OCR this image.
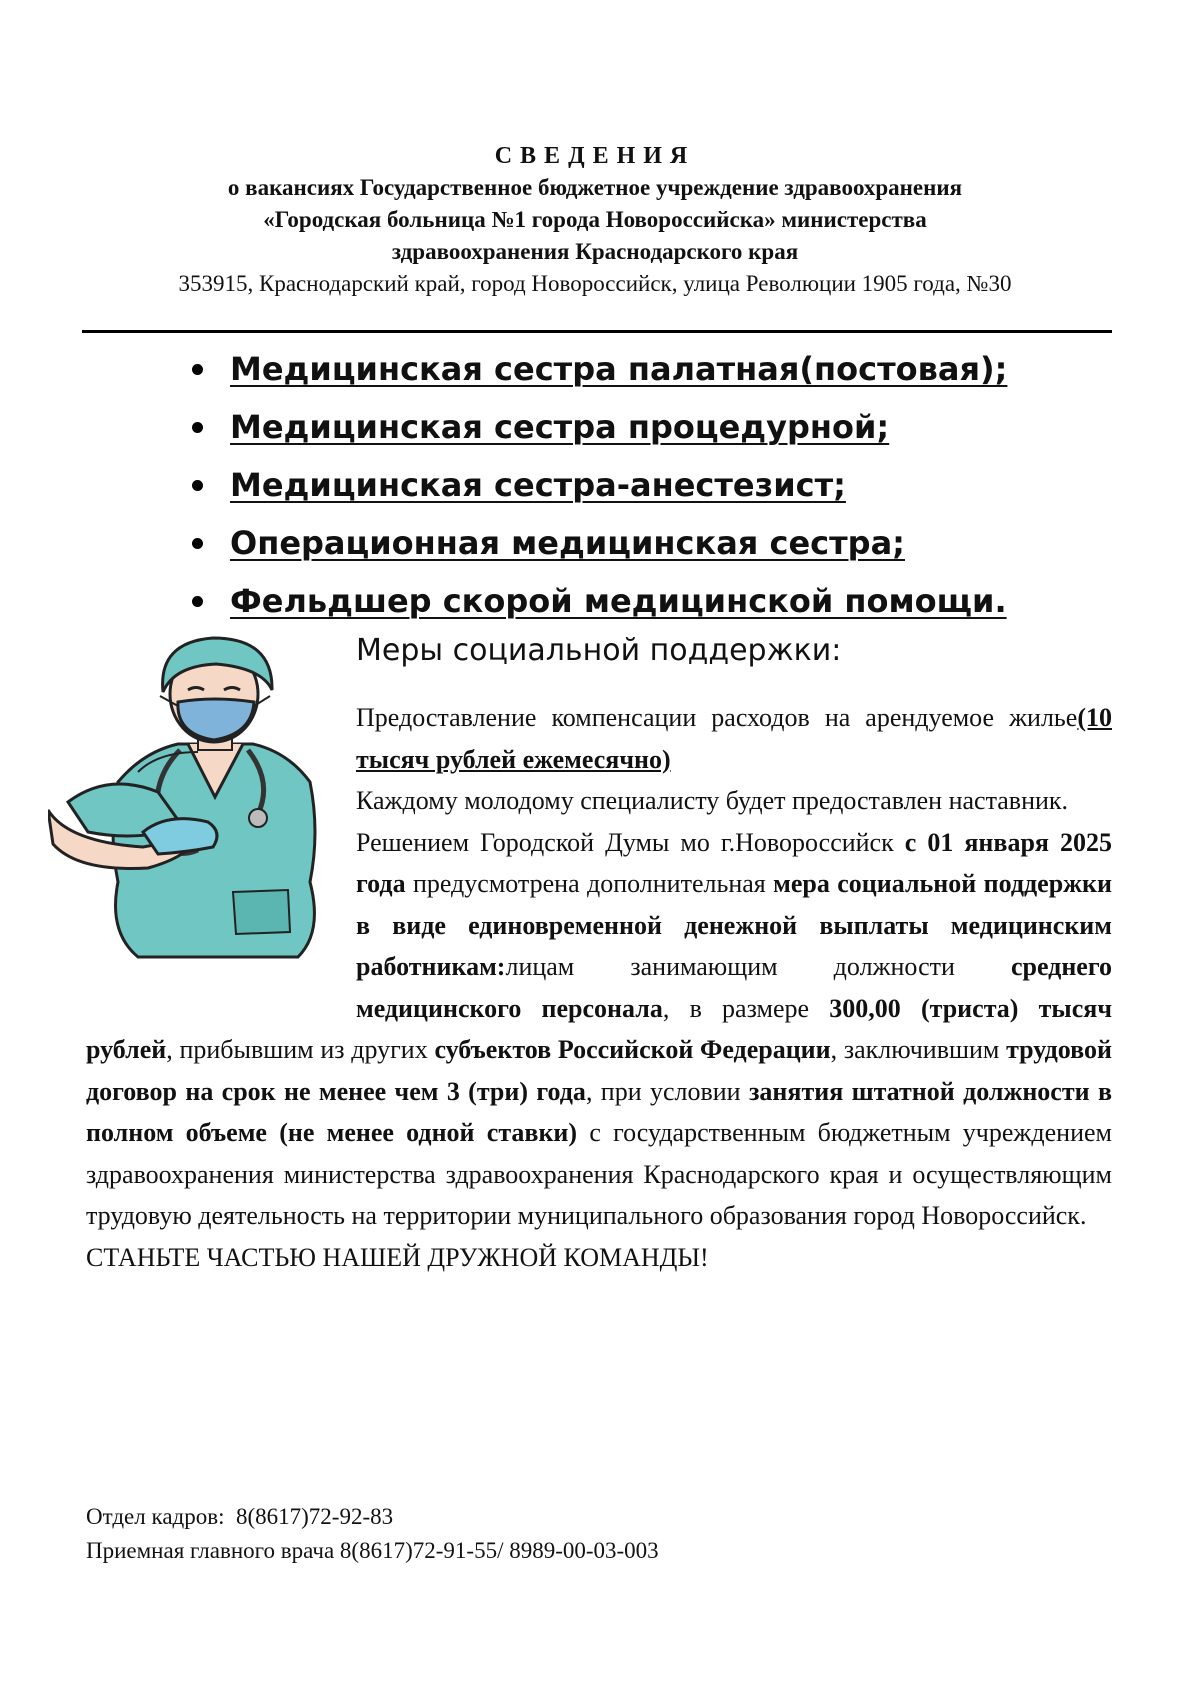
СВЕДЕНИЯ
о вакансиях Государственное бюджетное учреждение здравоохранения
«Городская больница №1 города Новороссийска» министерства
здравоохранения Краснодарского края
353915, Краснодарский край, город Новороссийск, улица Революции 1905 года, №30
Медицинская сестра палатная(постовая);
Медицинская сестра процедурной;
Медицинская сестра-анестезист;
Операционная медицинская сестра;
Фельдшер скорой медицинской помощи.
Меры социальной поддержки:

Предоставление компенсации расходов на арендуемое жилье(10 тысяч рублей ежемесячно)

Каждому молодому специалисту будет предоставлен наставник.

Решением Городской Думы мо г.Новороссийск с 01 января 2025 года предусмотрена дополнительная мера социальной поддержки в виде единовременной денежной выплаты медицинским работникам:лицам занимающим должности среднего медицинского персонала, в размере 300,00 (триста) тысяч рублей, прибывшим из других субъектов Российской Федерации, заключившим трудовой договор на срок не менее чем 3 (три) года, при условии занятия штатной должности в полном объеме (не менее одной ставки) с государственным бюджетным учреждением здравоохранения министерства здравоохранения Краснодарского края и осуществляющим трудовую деятельность на территории муниципального образования город Новороссийск.

СТАНЬТЕ ЧАСТЬЮ НАШЕЙ ДРУЖНОЙ КОМАНДЫ!

Отдел кадров:  8(8617)72-92-83
Приемная главного врача 8(8617)72-91-55/ 8989-00-03-003
